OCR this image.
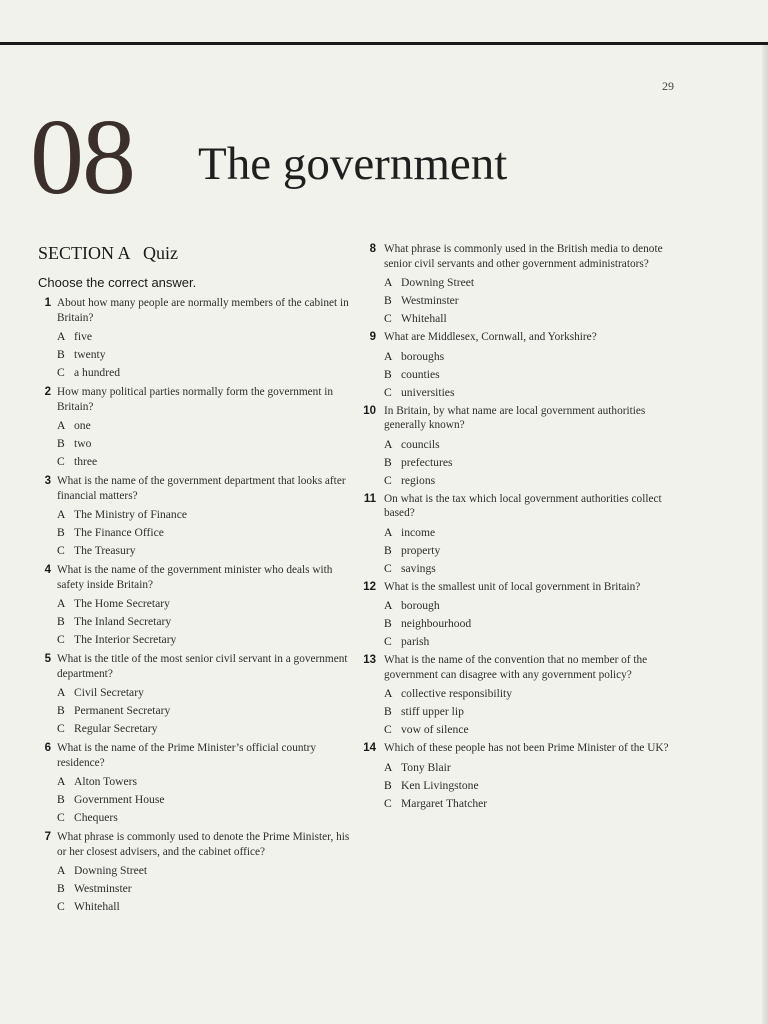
29
08 The government
SECTION A Quiz
Choose the correct answer.
1 About how many people are normally members of the cabinet in Britain?
A five
B twenty
C a hundred
2 How many political parties normally form the government in Britain?
A one
B two
C three
3 What is the name of the government department that looks after financial matters?
A The Ministry of Finance
B The Finance Office
C The Treasury
4 What is the name of the government minister who deals with safety inside Britain?
A The Home Secretary
B The Inland Secretary
C The Interior Secretary
5 What is the title of the most senior civil servant in a government department?
A Civil Secretary
B Permanent Secretary
C Regular Secretary
6 What is the name of the Prime Minister’s official country residence?
A Alton Towers
B Government House
C Chequers
7 What phrase is commonly used to denote the Prime Minister, his or her closest advisers, and the cabinet office?
A Downing Street
B Westminster
C Whitehall
8 What phrase is commonly used in the British media to denote senior civil servants and other government administrators?
A Downing Street
B Westminster
C Whitehall
9 What are Middlesex, Cornwall, and Yorkshire?
A boroughs
B counties
C universities
10 In Britain, by what name are local government authorities generally known?
A councils
B prefectures
C regions
11 On what is the tax which local government authorities collect based?
A income
B property
C savings
12 What is the smallest unit of local government in Britain?
A borough
B neighbourhood
C parish
13 What is the name of the convention that no member of the government can disagree with any government policy?
A collective responsibility
B stiff upper lip
C vow of silence
14 Which of these people has not been Prime Minister of the UK?
A Tony Blair
B Ken Livingstone
C Margaret Thatcher
